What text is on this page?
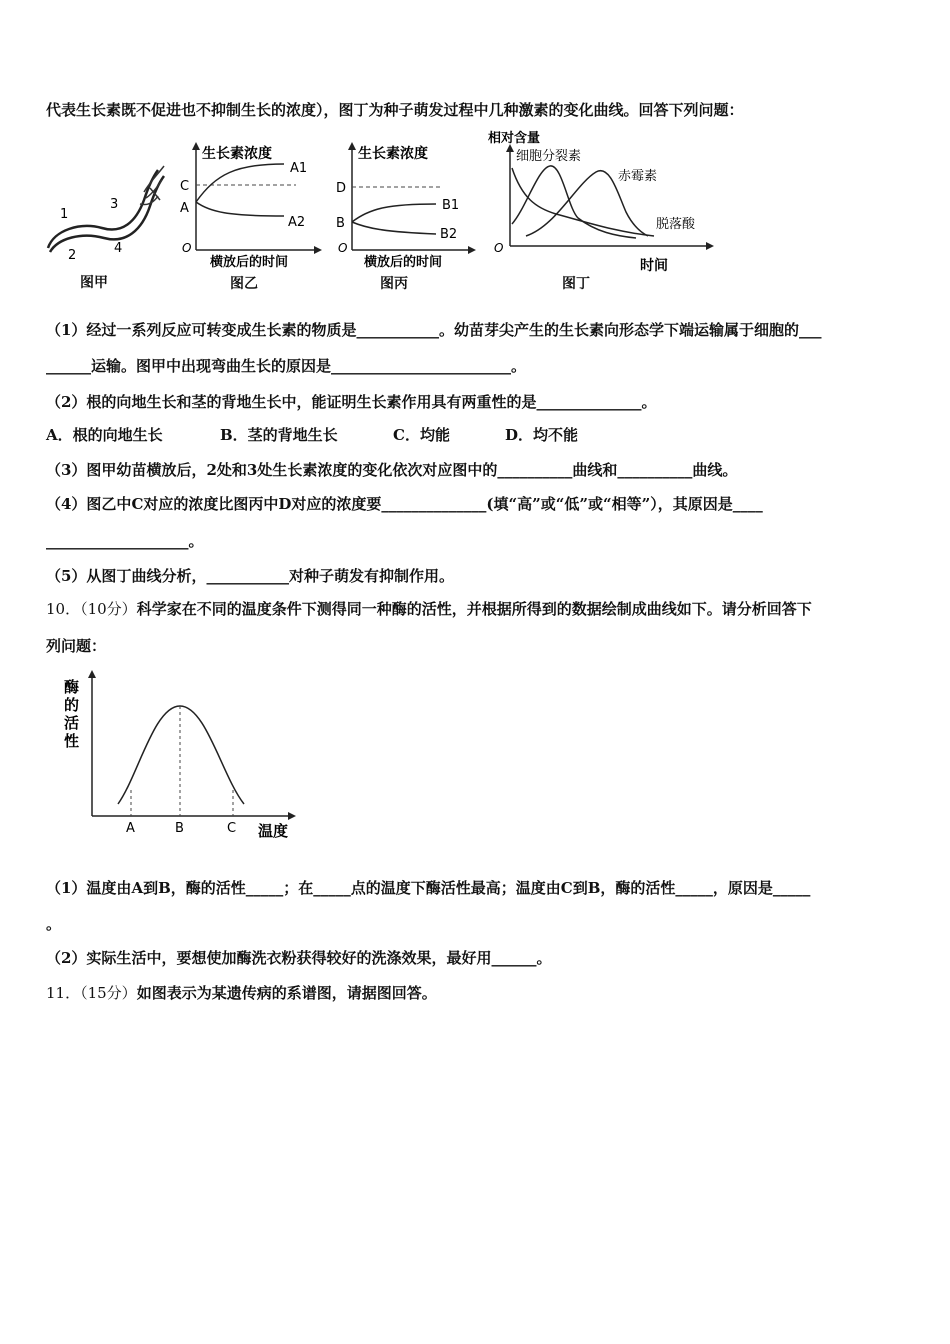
代表生长素既不促进也不抑制生长的浓度），图丁为种子萌发过程中几种激素的变化曲线。回答下列问题：
1
2
3
4
图甲
生长素浓度
C
A
A1
A2
O
横放后的时间
图乙
生长素浓度
D
B
B1
B2
O
横放后的时间
图丙
相对含量
细胞分裂素
赤霉素
脱落酸
O
时间
图丁
（1）经过一系列反应可转变成生长素的物质是___________。幼苗芽尖产生的生长素向形态学下端运输属于细胞的___
______运输。图甲中出现弯曲生长的原因是________________________。
（2）根的向地生长和茎的背地生长中，能证明生长素作用具有两重性的是______________。
A．根的向地生长	B．茎的背地生长	C．均能	D．均不能
（3）图甲幼苗横放后，2处和3处生长素浓度的变化依次对应图中的__________曲线和__________曲线。
（4）图乙中C对应的浓度比图丙中D对应的浓度要______________(填“高”或“低”或“相等”），其原因是____
___________________。
（5）从图丁曲线分析，___________对种子萌发有抑制作用。
10．（10分）科学家在不同的温度条件下测得同一种酶的活性，并根据所得到的数据绘制成曲线如下。请分析回答下
列问题：
酶
的
活
性
A	B	C 温度
（1）温度由A到B，酶的活性_____；在_____点的温度下酶活性最高；温度由C到B，酶的活性_____，原因是_____
。
（2）实际生活中，要想使加酶洗衣粉获得较好的洗涤效果，最好用______。
11．（15分）如图表示为某遗传病的系谱图，请据图回答。
